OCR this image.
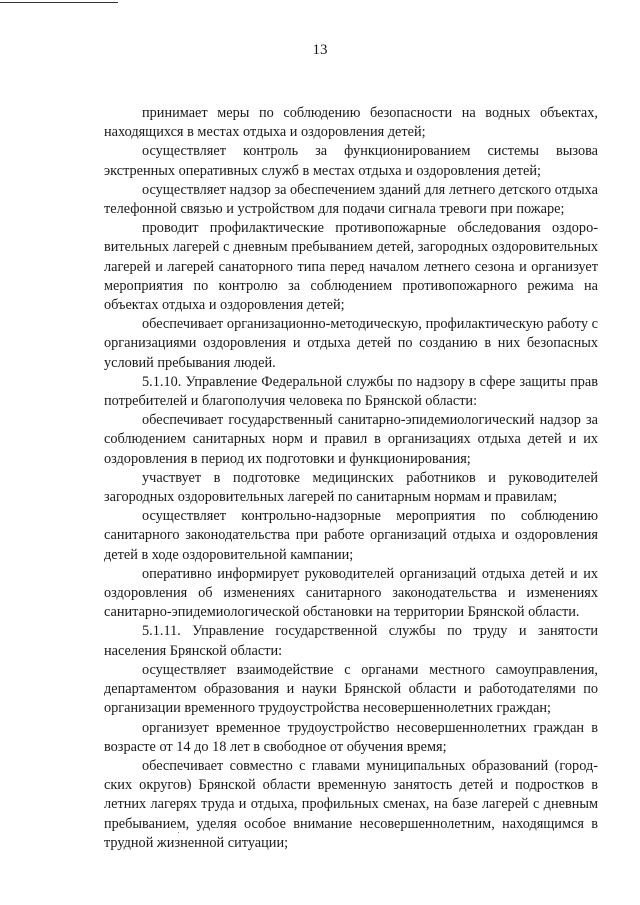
13

принимает меры по соблюдению безопасности на водных объектах, находящихся в местах отдыха и оздоровления детей;

осуществляет контроль за функционированием системы вызова экстренных оперативных служб в местах отдыха и оздоровления детей;

осуществляет надзор за обеспечением зданий для летнего детского отдыха телефонной связью и устройством для подачи сигнала тревоги при пожаре;

проводит профилактические противопожарные обследования оздоровительных лагерей с дневным пребыванием детей, загородных оздоровительных лагерей и лагерей санаторного типа перед началом летнего сезона и организует мероприятия по контролю за соблюдением противопожарного режима на объектах отдыха и оздоровления детей;

обеспечивает организационно-методическую, профилактическую работу с организациями оздоровления и отдыха детей по созданию в них безопасных условий пребывания людей.

5.1.10. Управление Федеральной службы по надзору в сфере защиты прав потребителей и благополучия человека по Брянской области:

обеспечивает государственный санитарно-эпидемиологический надзор за соблюдением санитарных норм и правил в организациях отдыха детей и их оздоровления в период их подготовки и функционирования;

участвует в подготовке медицинских работников и руководителей загородных оздоровительных лагерей по санитарным нормам и правилам;

осуществляет контрольно-надзорные мероприятия по соблюдению санитарного законодательства при работе организаций отдыха и оздоровления детей в ходе оздоровительной кампании;

оперативно информирует руководителей организаций отдыха детей и их оздоровления об изменениях санитарного законодательства и изменениях санитарно-эпидемиологической обстановки на территории Брянской области.

5.1.11. Управление государственной службы по труду и занятости населения Брянской области:

осуществляет взаимодействие с органами местного самоуправления, департаментом образования и науки Брянской области и работодателями по организации временного трудоустройства несовершеннолетних граждан;

организует временное трудоустройство несовершеннолетних граждан в возрасте от 14 до 18 лет в свободное от обучения время;

обеспечивает совместно с главами муниципальных образований (городских округов) Брянской области временную занятость детей и подростков в летних лагерях труда и отдыха, профильных сменах, на базе лагерей с дневным пребыванием, уделяя особое внимание несовершеннолетним, находящимся в трудной жизненной ситуации;
